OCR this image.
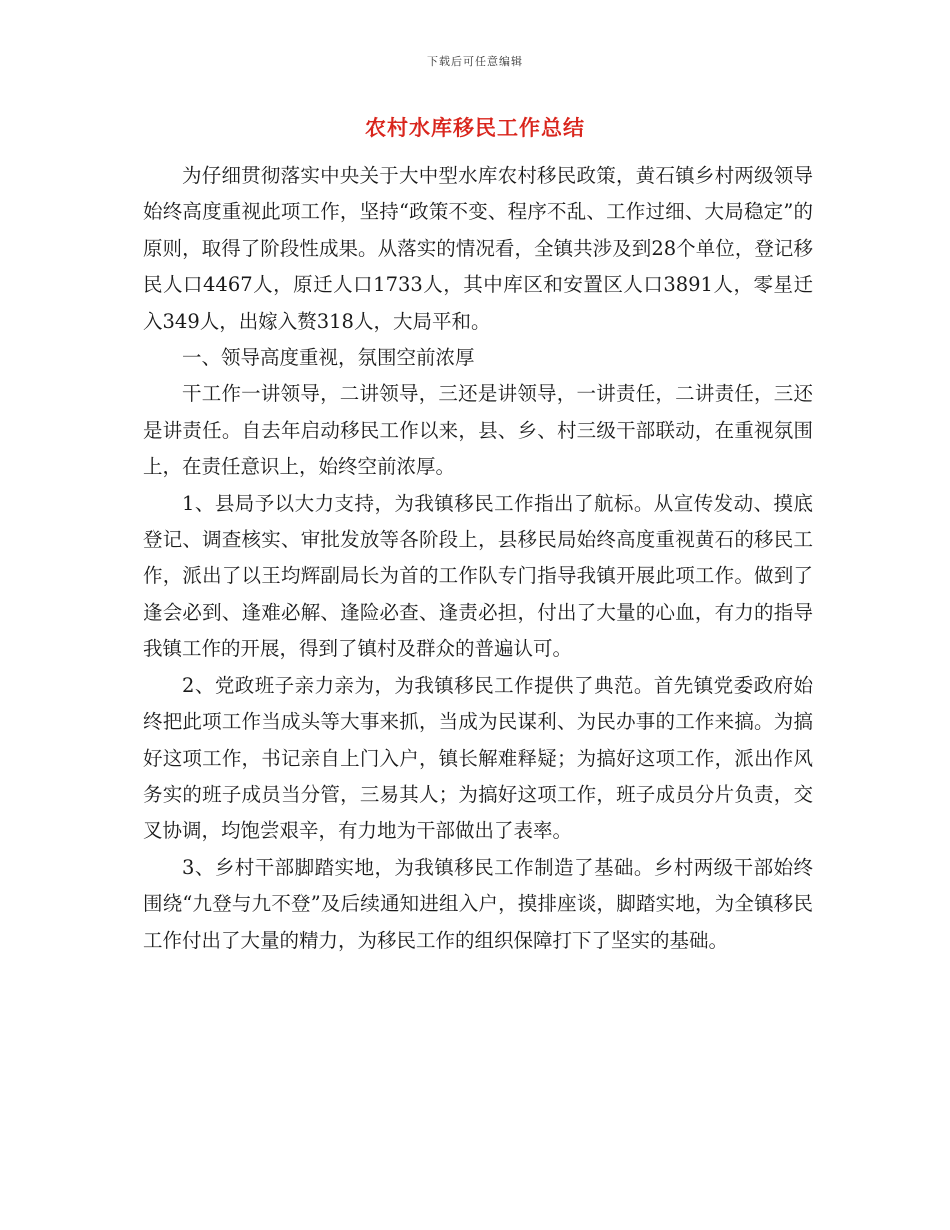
下载后可任意编辑
农村水库移民工作总结

为仔细贯彻落实中央关于大中型水库农村移民政策，黄石镇乡村两级领导始终高度重视此项工作，坚持“政策不变、程序不乱、工作过细、大局稳定”的原则，取得了阶段性成果。从落实的情况看，全镇共涉及到28个单位，登记移民人口4467人，原迁人口1733人，其中库区和安置区人口3891人，零星迁入349人，出嫁入赘318人，大局平和。

一、领导高度重视，氛围空前浓厚

干工作一讲领导，二讲领导，三还是讲领导，一讲责任，二讲责任，三还是讲责任。自去年启动移民工作以来，县、乡、村三级干部联动，在重视氛围上，在责任意识上，始终空前浓厚。

1、县局予以大力支持，为我镇移民工作指出了航标。从宣传发动、摸底登记、调查核实、审批发放等各阶段上，县移民局始终高度重视黄石的移民工作，派出了以王均辉副局长为首的工作队专门指导我镇开展此项工作。做到了逢会必到、逢难必解、逢险必查、逢责必担，付出了大量的心血，有力的指导我镇工作的开展，得到了镇村及群众的普遍认可。

2、党政班子亲力亲为，为我镇移民工作提供了典范。首先镇党委政府始终把此项工作当成头等大事来抓，当成为民谋利、为民办事的工作来搞。为搞好这项工作，书记亲自上门入户，镇长解难释疑；为搞好这项工作，派出作风务实的班子成员当分管，三易其人；为搞好这项工作，班子成员分片负责，交叉协调，均饱尝艰辛，有力地为干部做出了表率。

3、乡村干部脚踏实地，为我镇移民工作制造了基础。乡村两级干部始终围绕“九登与九不登”及后续通知进组入户，摸排座谈，脚踏实地，为全镇移民工作付出了大量的精力，为移民工作的组织保障打下了坚实的基础。
